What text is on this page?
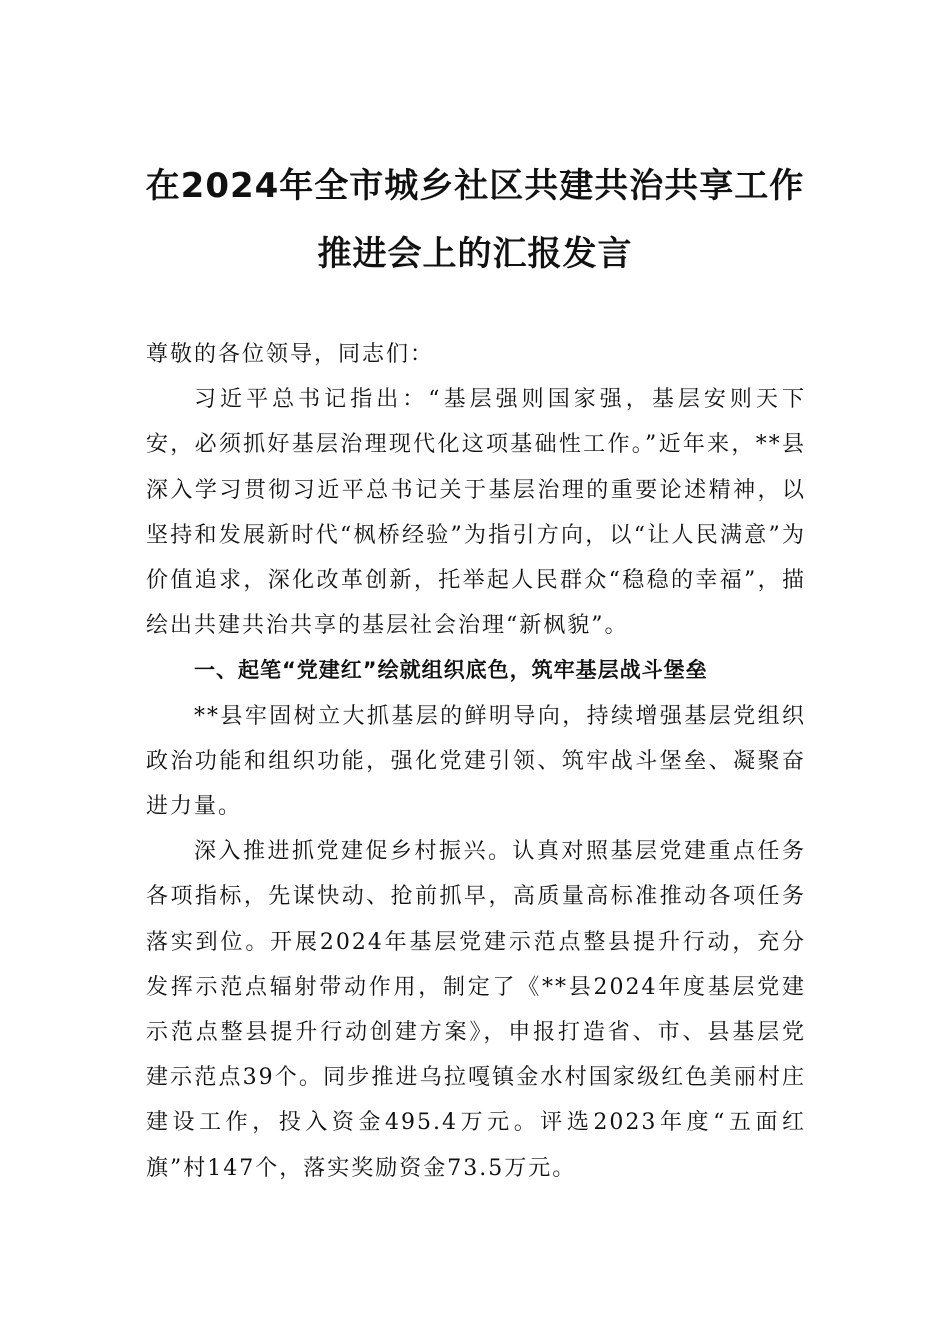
在2024年全市城乡社区共建共治共享工作
推进会上的汇报发言

尊敬的各位领导，同志们：

习近平总书记指出：“基层强则国家强，基层安则天下安，必须抓好基层治理现代化这项基础性工作。”近年来，**县深入学习贯彻习近平总书记关于基层治理的重要论述精神，以坚持和发展新时代“枫桥经验”为指引方向，以“让人民满意”为价值追求，深化改革创新，托举起人民群众“稳稳的幸福”，描绘出共建共治共享的基层社会治理“新枫貌”。

一、起笔“党建红”绘就组织底色，筑牢基层战斗堡垒

**县牢固树立大抓基层的鲜明导向，持续增强基层党组织政治功能和组织功能，强化党建引领、筑牢战斗堡垒、凝聚奋进力量。

深入推进抓党建促乡村振兴。认真对照基层党建重点任务各项指标，先谋快动、抢前抓早，高质量高标准推动各项任务落实到位。开展2024年基层党建示范点整县提升行动，充分发挥示范点辐射带动作用，制定了《**县2024年度基层党建示范点整县提升行动创建方案》，申报打造省、市、县基层党建示范点39个。同步推进乌拉嘎镇金水村国家级红色美丽村庄建设工作，投入资金495.4万元。评选2023年度“五面红旗”村147个，落实奖励资金73.5万元。
